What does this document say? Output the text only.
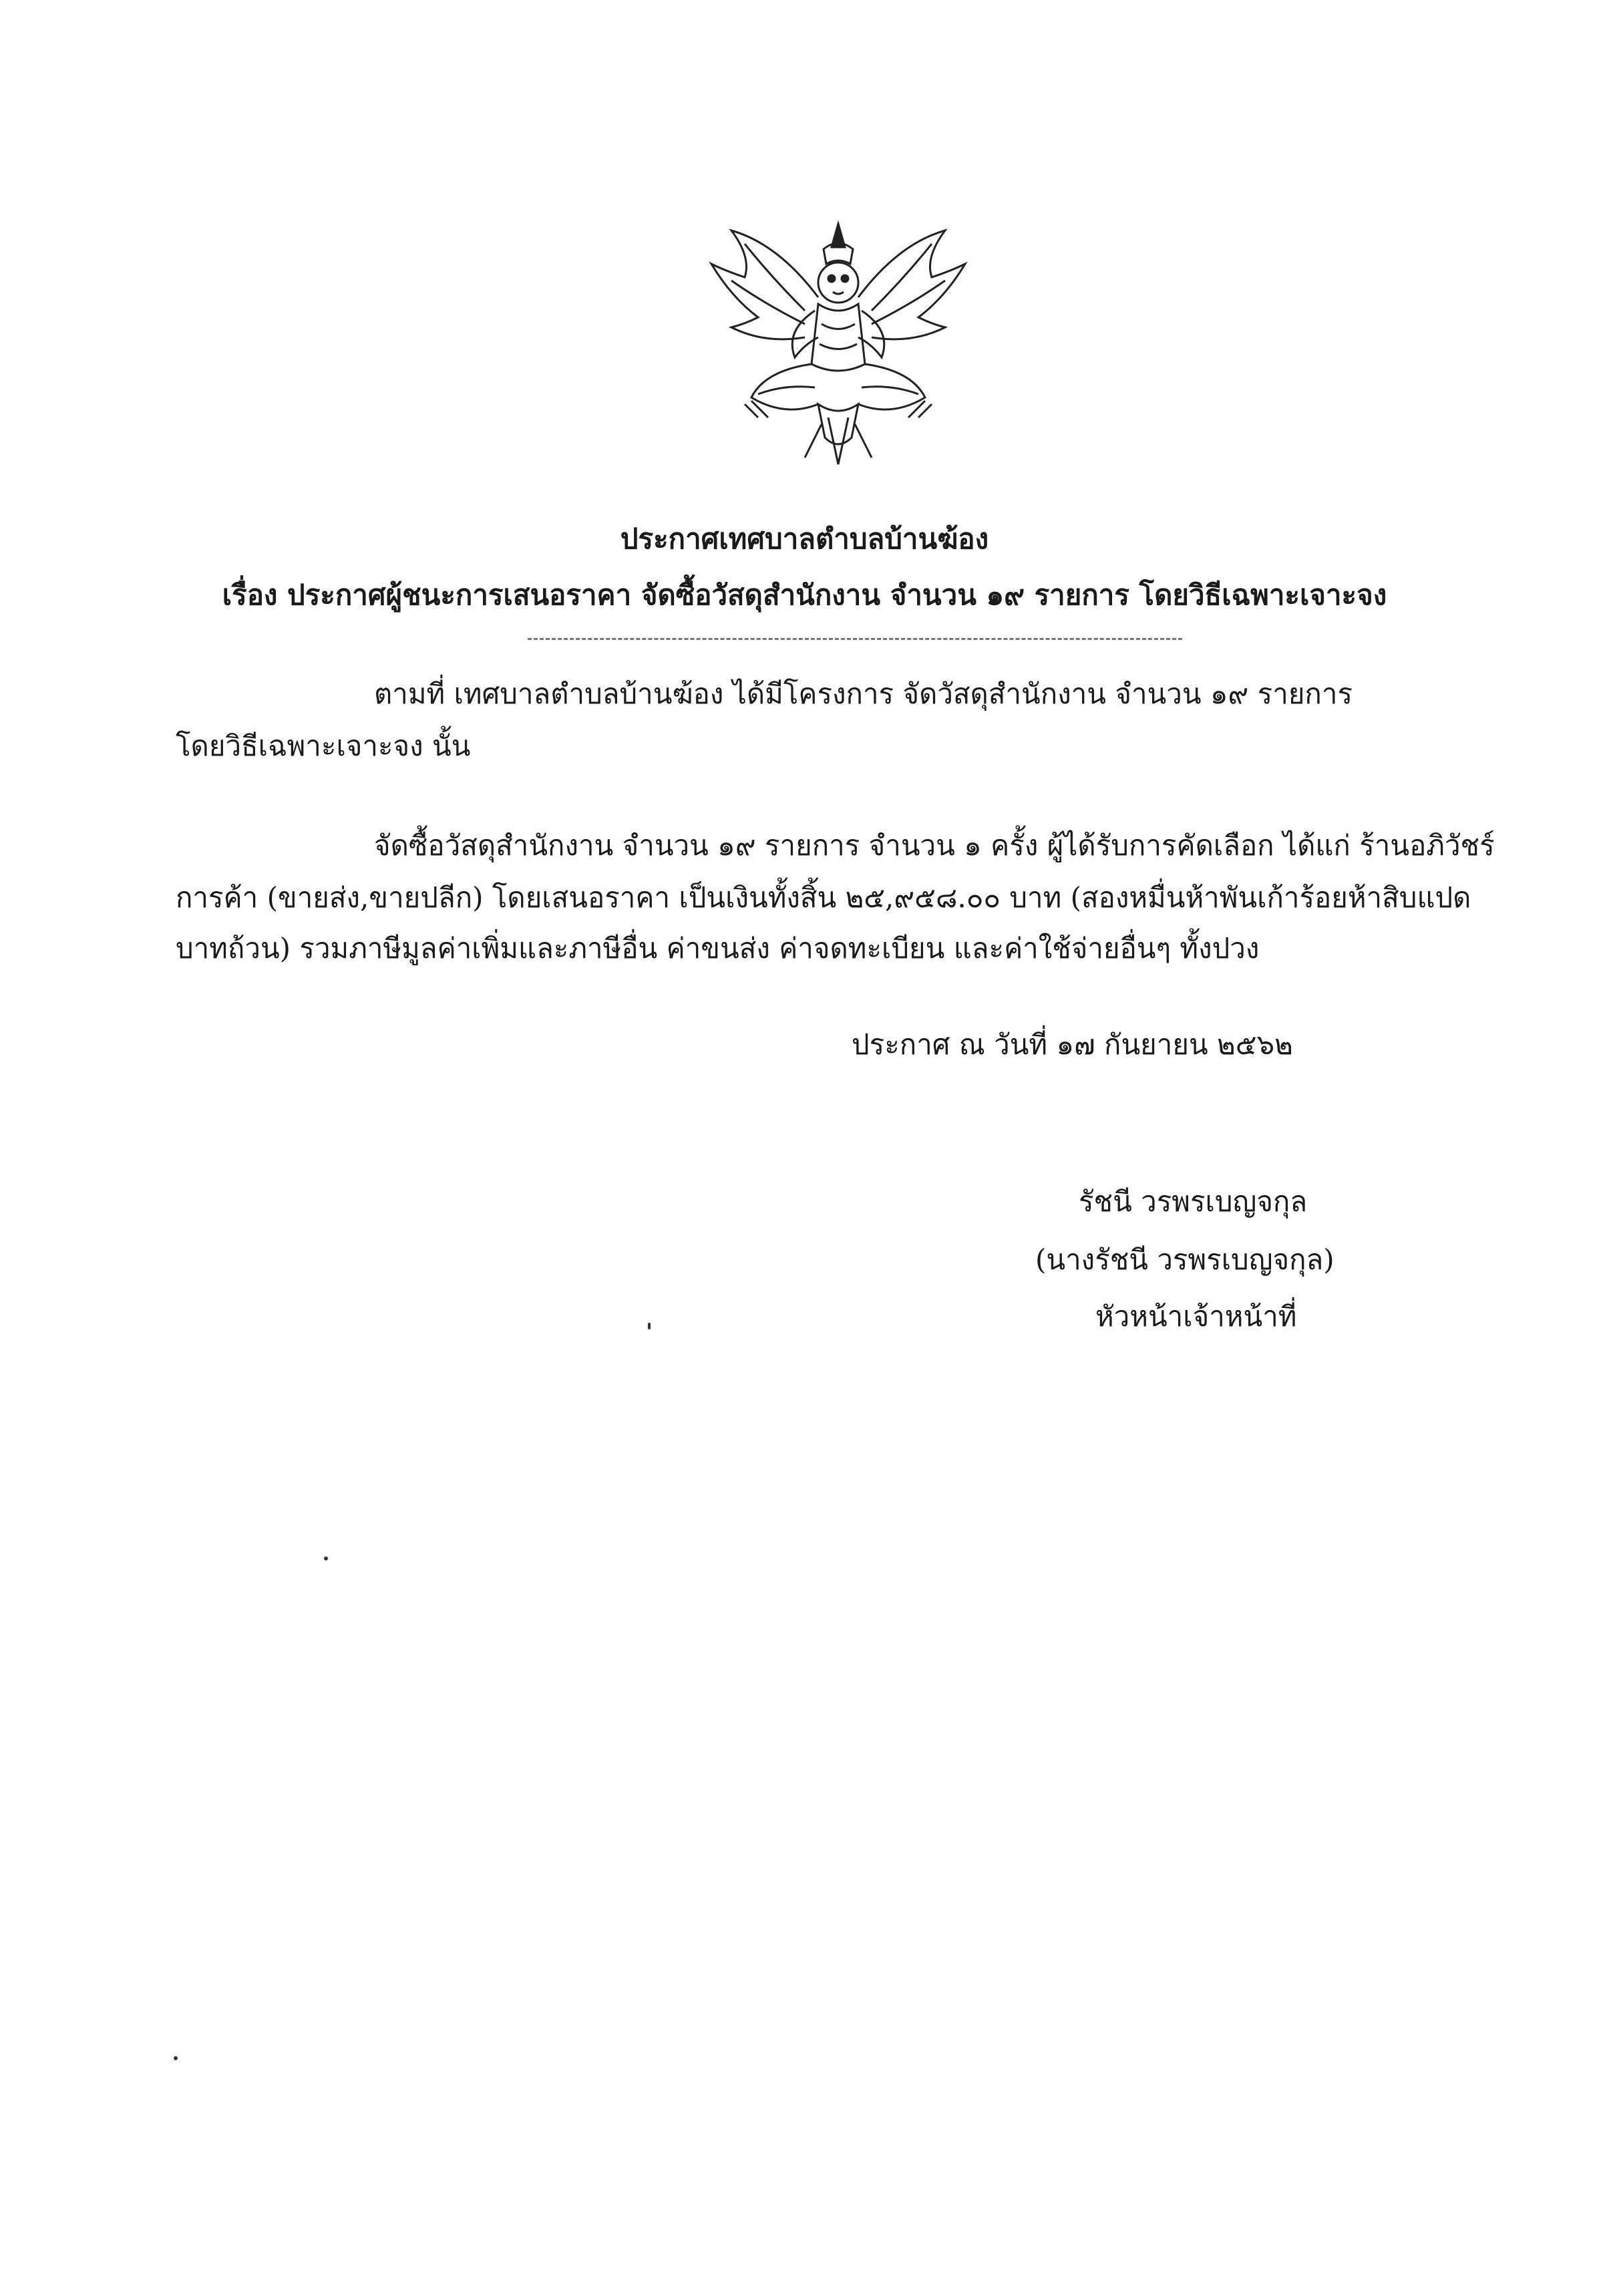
ประกาศเทศบาลตำบลบ้านฆ้อง
เรื่อง ประกาศผู้ชนะการเสนอราคา จัดซื้อวัสดุสำนักงาน จำนวน ๑๙ รายการ โดยวิธีเฉพาะเจาะจง
ตามที่ เทศบาลตำบลบ้านฆ้อง ได้มีโครงการ จัดวัสดุสำนักงาน จำนวน ๑๙ รายการ
โดยวิธีเฉพาะเจาะจง นั้น
จัดซื้อวัสดุสำนักงาน จำนวน ๑๙ รายการ จำนวน ๑ ครั้ง ผู้ได้รับการคัดเลือก ได้แก่ ร้านอภิวัชร์
การค้า (ขายส่ง,ขายปลีก) โดยเสนอราคา เป็นเงินทั้งสิ้น ๒๕,๙๕๘.๐๐ บาท (สองหมื่นห้าพันเก้าร้อยห้าสิบแปด
บาทถ้วน) รวมภาษีมูลค่าเพิ่มและภาษีอื่น ค่าขนส่ง ค่าจดทะเบียน และค่าใช้จ่ายอื่นๆ ทั้งปวง
ประกาศ ณ วันที่ ๑๗ กันยายน ๒๕๖๒
รัชนี วรพรเบญจกุล
(นางรัชนี วรพรเบญจกุล)
หัวหน้าเจ้าหน้าที่
